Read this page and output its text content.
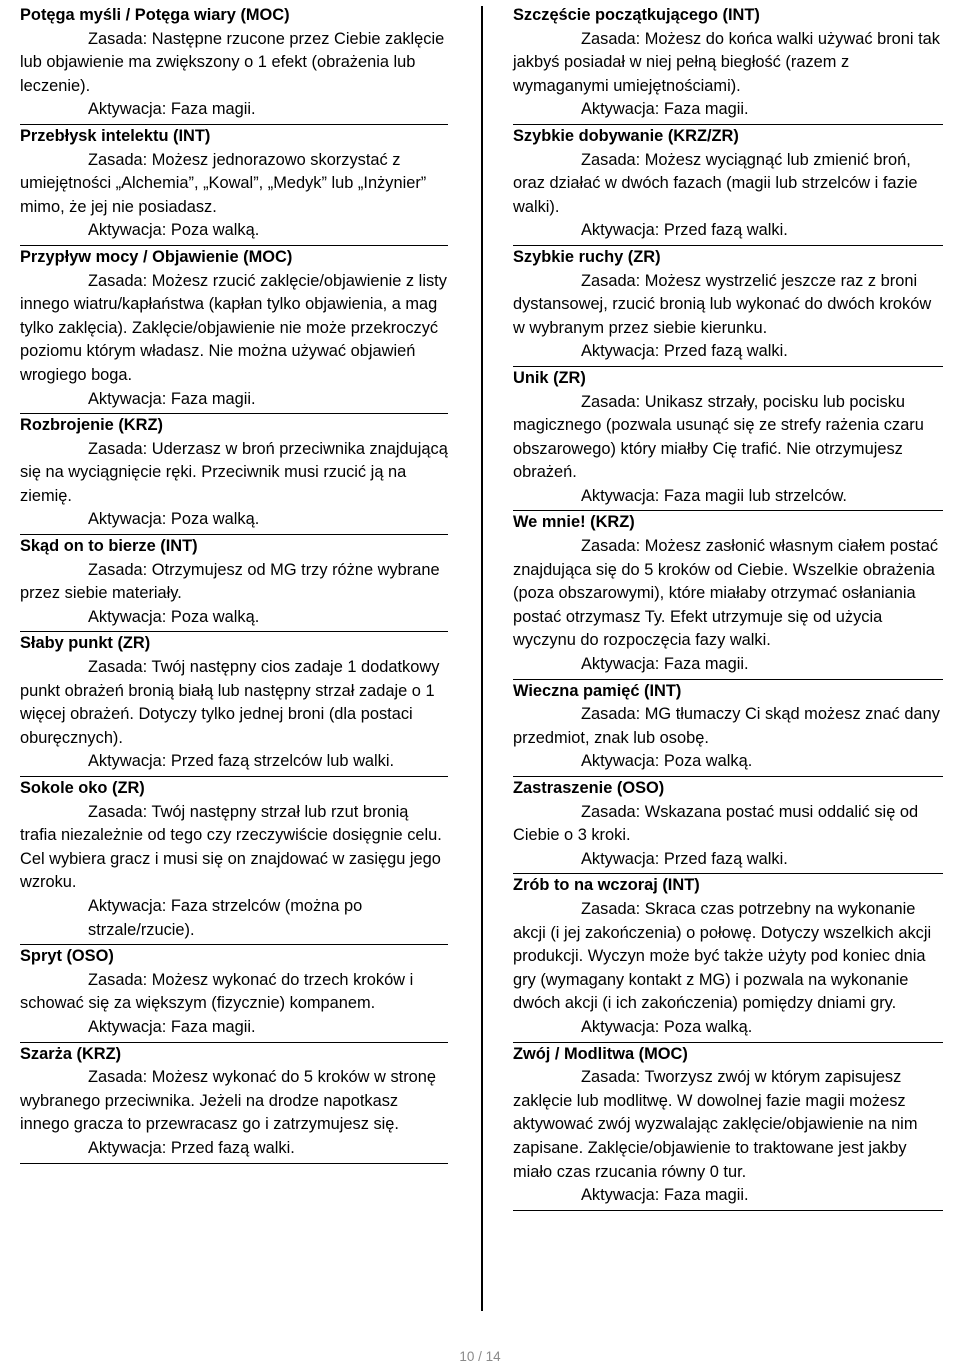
Potęga myśli / Potęga wiary (MOC)
Zasada: Następne rzucone przez Ciebie zaklęcie lub objawienie ma zwiększony o 1 efekt (obrażenia lub leczenie).
Aktywacja: Faza magii.
Przebłysk intelektu (INT)
Zasada: Możesz jednorazowo skorzystać z umiejętności „Alchemia”, „Kowal”, „Medyk” lub „Inżynier” mimo, że jej nie posiadasz.
Aktywacja: Poza walką.
Przypływ mocy / Objawienie (MOC)
Zasada: Możesz rzucić zaklęcie/objawienie z listy innego wiatru/kapłaństwa (kapłan tylko objawienia, a mag tylko zaklęcia). Zaklęcie/objawienie nie może przekroczyć poziomu którym władasz. Nie można używać objawień wrogiego boga.
Aktywacja: Faza magii.
Rozbrojenie (KRZ)
Zasada: Uderzasz w broń przeciwnika znajdującą się na wyciągnięcie ręki. Przeciwnik musi rzucić ją na ziemię.
Aktywacja: Poza walką.
Skąd on to bierze (INT)
Zasada: Otrzymujesz od MG trzy różne wybrane przez siebie materiały.
Aktywacja: Poza walką.
Słaby punkt (ZR)
Zasada: Twój następny cios zadaje 1 dodatkowy punkt obrażeń bronią białą lub następny strzał zadaje o 1 więcej obrażeń. Dotyczy tylko jednej broni (dla postaci oburęcznych).
Aktywacja: Przed fazą strzelców lub walki.
Sokole oko (ZR)
Zasada: Twój następny strzał lub rzut bronią trafia niezależnie od tego czy rzeczywiście dosięgnie celu. Cel wybiera gracz i musi się on znajdować w zasięgu jego wzroku.
Aktywacja: Faza strzelców (można po strzale/rzucie).
Spryt (OSO)
Zasada: Możesz wykonać do trzech kroków i schować się za większym (fizycznie) kompanem.
Aktywacja: Faza magii.
Szarża (KRZ)
Zasada: Możesz wykonać do 5 kroków w stronę wybranego przeciwnika. Jeżeli na drodze napotkasz innego gracza to przewracasz go i zatrzymujesz się.
Aktywacja: Przed fazą walki.
Szczęście początkującego (INT)
Zasada: Możesz do końca walki używać broni tak jakbyś posiadał w niej pełną biegłość (razem z wymaganymi umiejętnościami).
Aktywacja: Faza magii.
Szybkie dobywanie (KRZ/ZR)
Zasada: Możesz wyciągnąć lub zmienić broń, oraz działać w dwóch fazach (magii lub strzelców i fazie walki).
Aktywacja: Przed fazą walki.
Szybkie ruchy (ZR)
Zasada: Możesz wystrzelić jeszcze raz z broni dystansowej, rzucić bronią lub wykonać do dwóch kroków w wybranym przez siebie kierunku.
Aktywacja: Przed fazą walki.
Unik (ZR)
Zasada: Unikasz strzały, pocisku lub pocisku magicznego (pozwala usunąć się ze strefy rażenia czaru obszarowego) który miałby Cię trafić. Nie otrzymujesz obrażeń.
Aktywacja: Faza magii lub strzelców.
We mnie! (KRZ)
Zasada: Możesz zasłonić własnym ciałem postać znajdująca się do 5 kroków od Ciebie. Wszelkie obrażenia (poza obszarowymi), które miałaby otrzymać osłaniania postać otrzymasz Ty. Efekt utrzymuje się od użycia wyczynu do rozpoczęcia fazy walki.
Aktywacja: Faza magii.
Wieczna pamięć (INT)
Zasada: MG tłumaczy Ci skąd możesz znać dany przedmiot, znak lub osobę.
Aktywacja: Poza walką.
Zastraszenie (OSO)
Zasada: Wskazana postać musi oddalić się od Ciebie o 3 kroki.
Aktywacja: Przed fazą walki.
Zrób to na wczoraj (INT)
Zasada: Skraca czas potrzebny na wykonanie akcji (i jej zakończenia) o połowę. Dotyczy wszelkich akcji produkcji. Wyczyn może być także użyty pod koniec dnia gry (wymagany kontakt z MG) i pozwala na wykonanie dwóch akcji (i ich zakończenia) pomiędzy dniami gry.
Aktywacja: Poza walką.
Zwój / Modlitwa (MOC)
Zasada: Tworzysz zwój w którym zapisujesz zaklęcie lub modlitwę. W dowolnej fazie magii możesz aktywować zwój wyzwalając zaklęcie/objawienie na nim zapisane. Zaklęcie/objawienie to traktowane jest jakby miało czas rzucania równy 0 tur.
Aktywacja: Faza magii.
10 / 14
